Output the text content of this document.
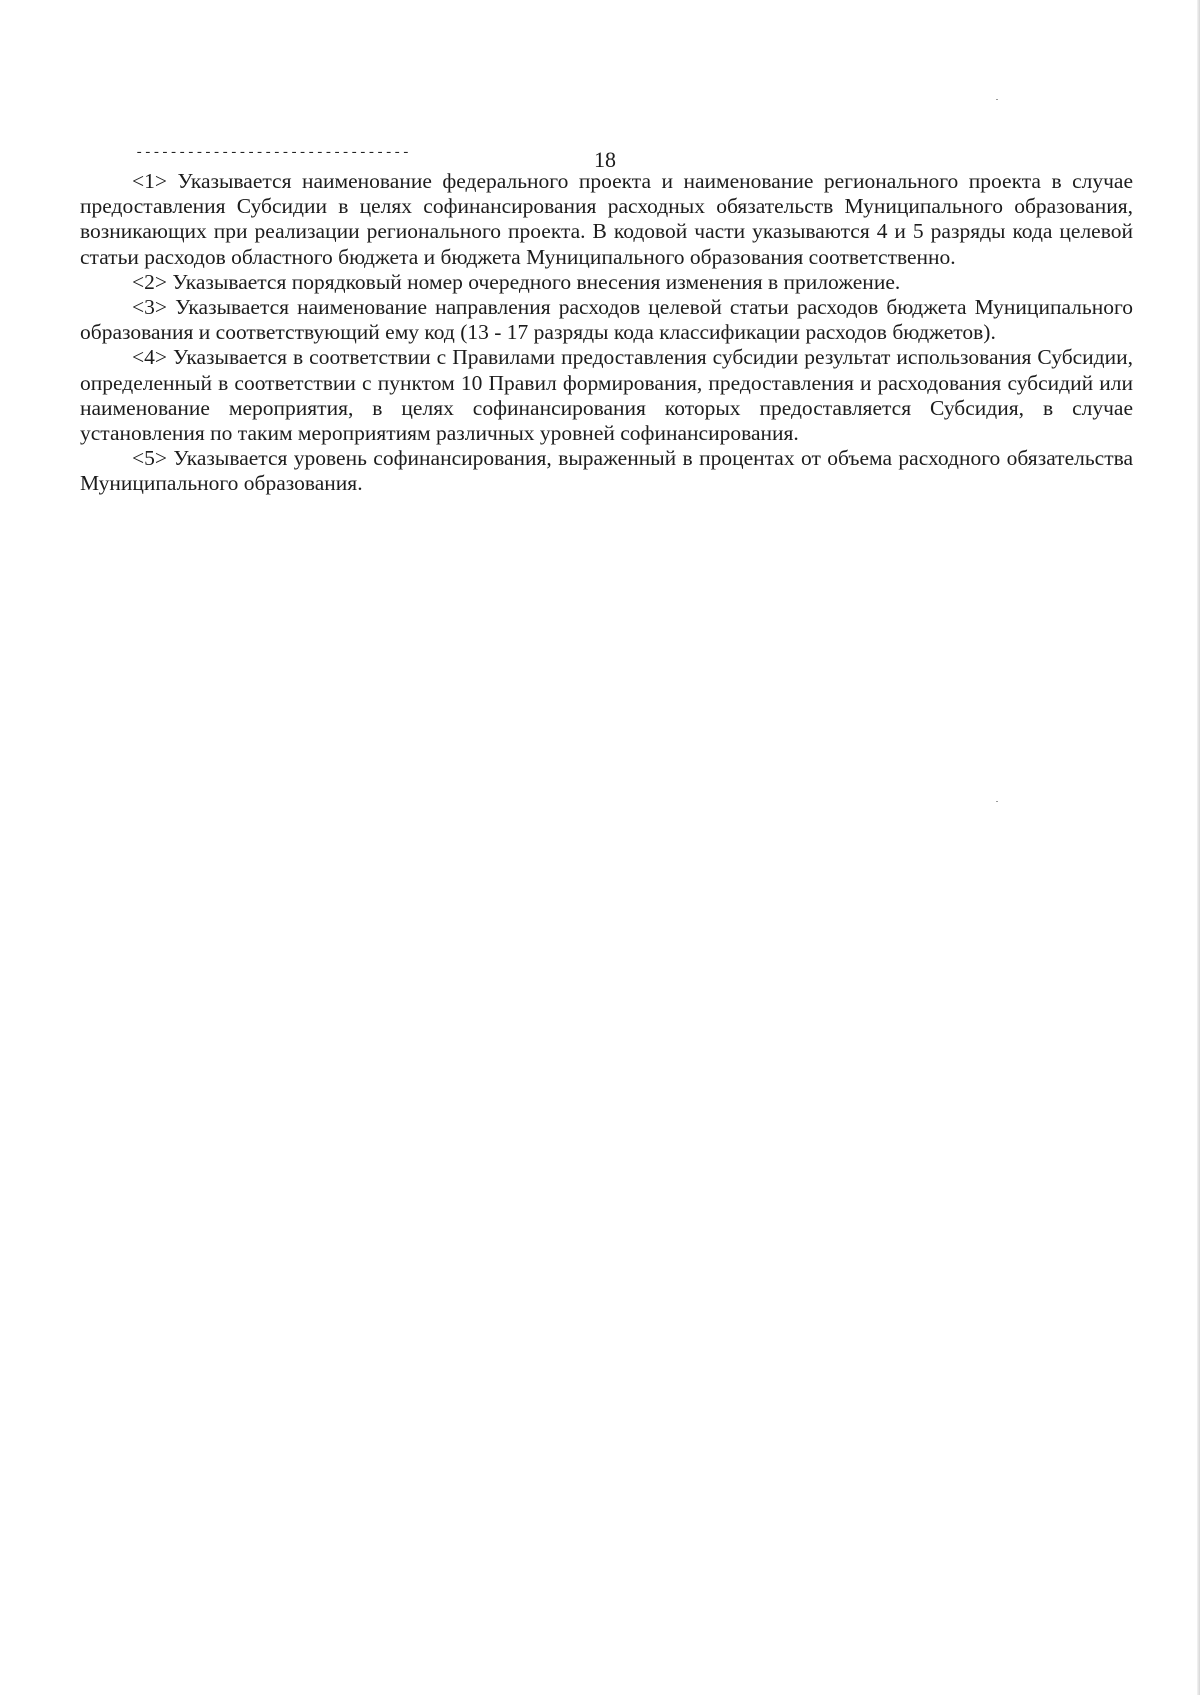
--------------------------------	18

<1> Указывается наименование федерального проекта и наименование регионального проекта в случае предоставления Субсидии в целях софинансирования расходных обязательств Муниципального образования, возникающих при реализации регионального проекта. В кодовой части указываются 4 и 5 разряды кода целевой статьи расходов областного бюджета и бюджета Муниципального образования соответственно.

<2> Указывается порядковый номер очередного внесения изменения в приложение.

<3> Указывается наименование направления расходов целевой статьи расходов бюджета Муниципального образования и соответствующий ему код (13 - 17 разряды кода классификации расходов бюджетов).

<4> Указывается в соответствии с Правилами предоставления субсидии результат использования Субсидии, определенный в соответствии с пунктом 10 Правил формирования, предоставления и расходования субсидий или наименование мероприятия, в целях софинансирования которых предоставляется Субсидия, в случае установления по таким мероприятиям различных уровней софинансирования.

<5> Указывается уровень софинансирования, выраженный в процентах от объема расходного обязательства Муниципального образования.
